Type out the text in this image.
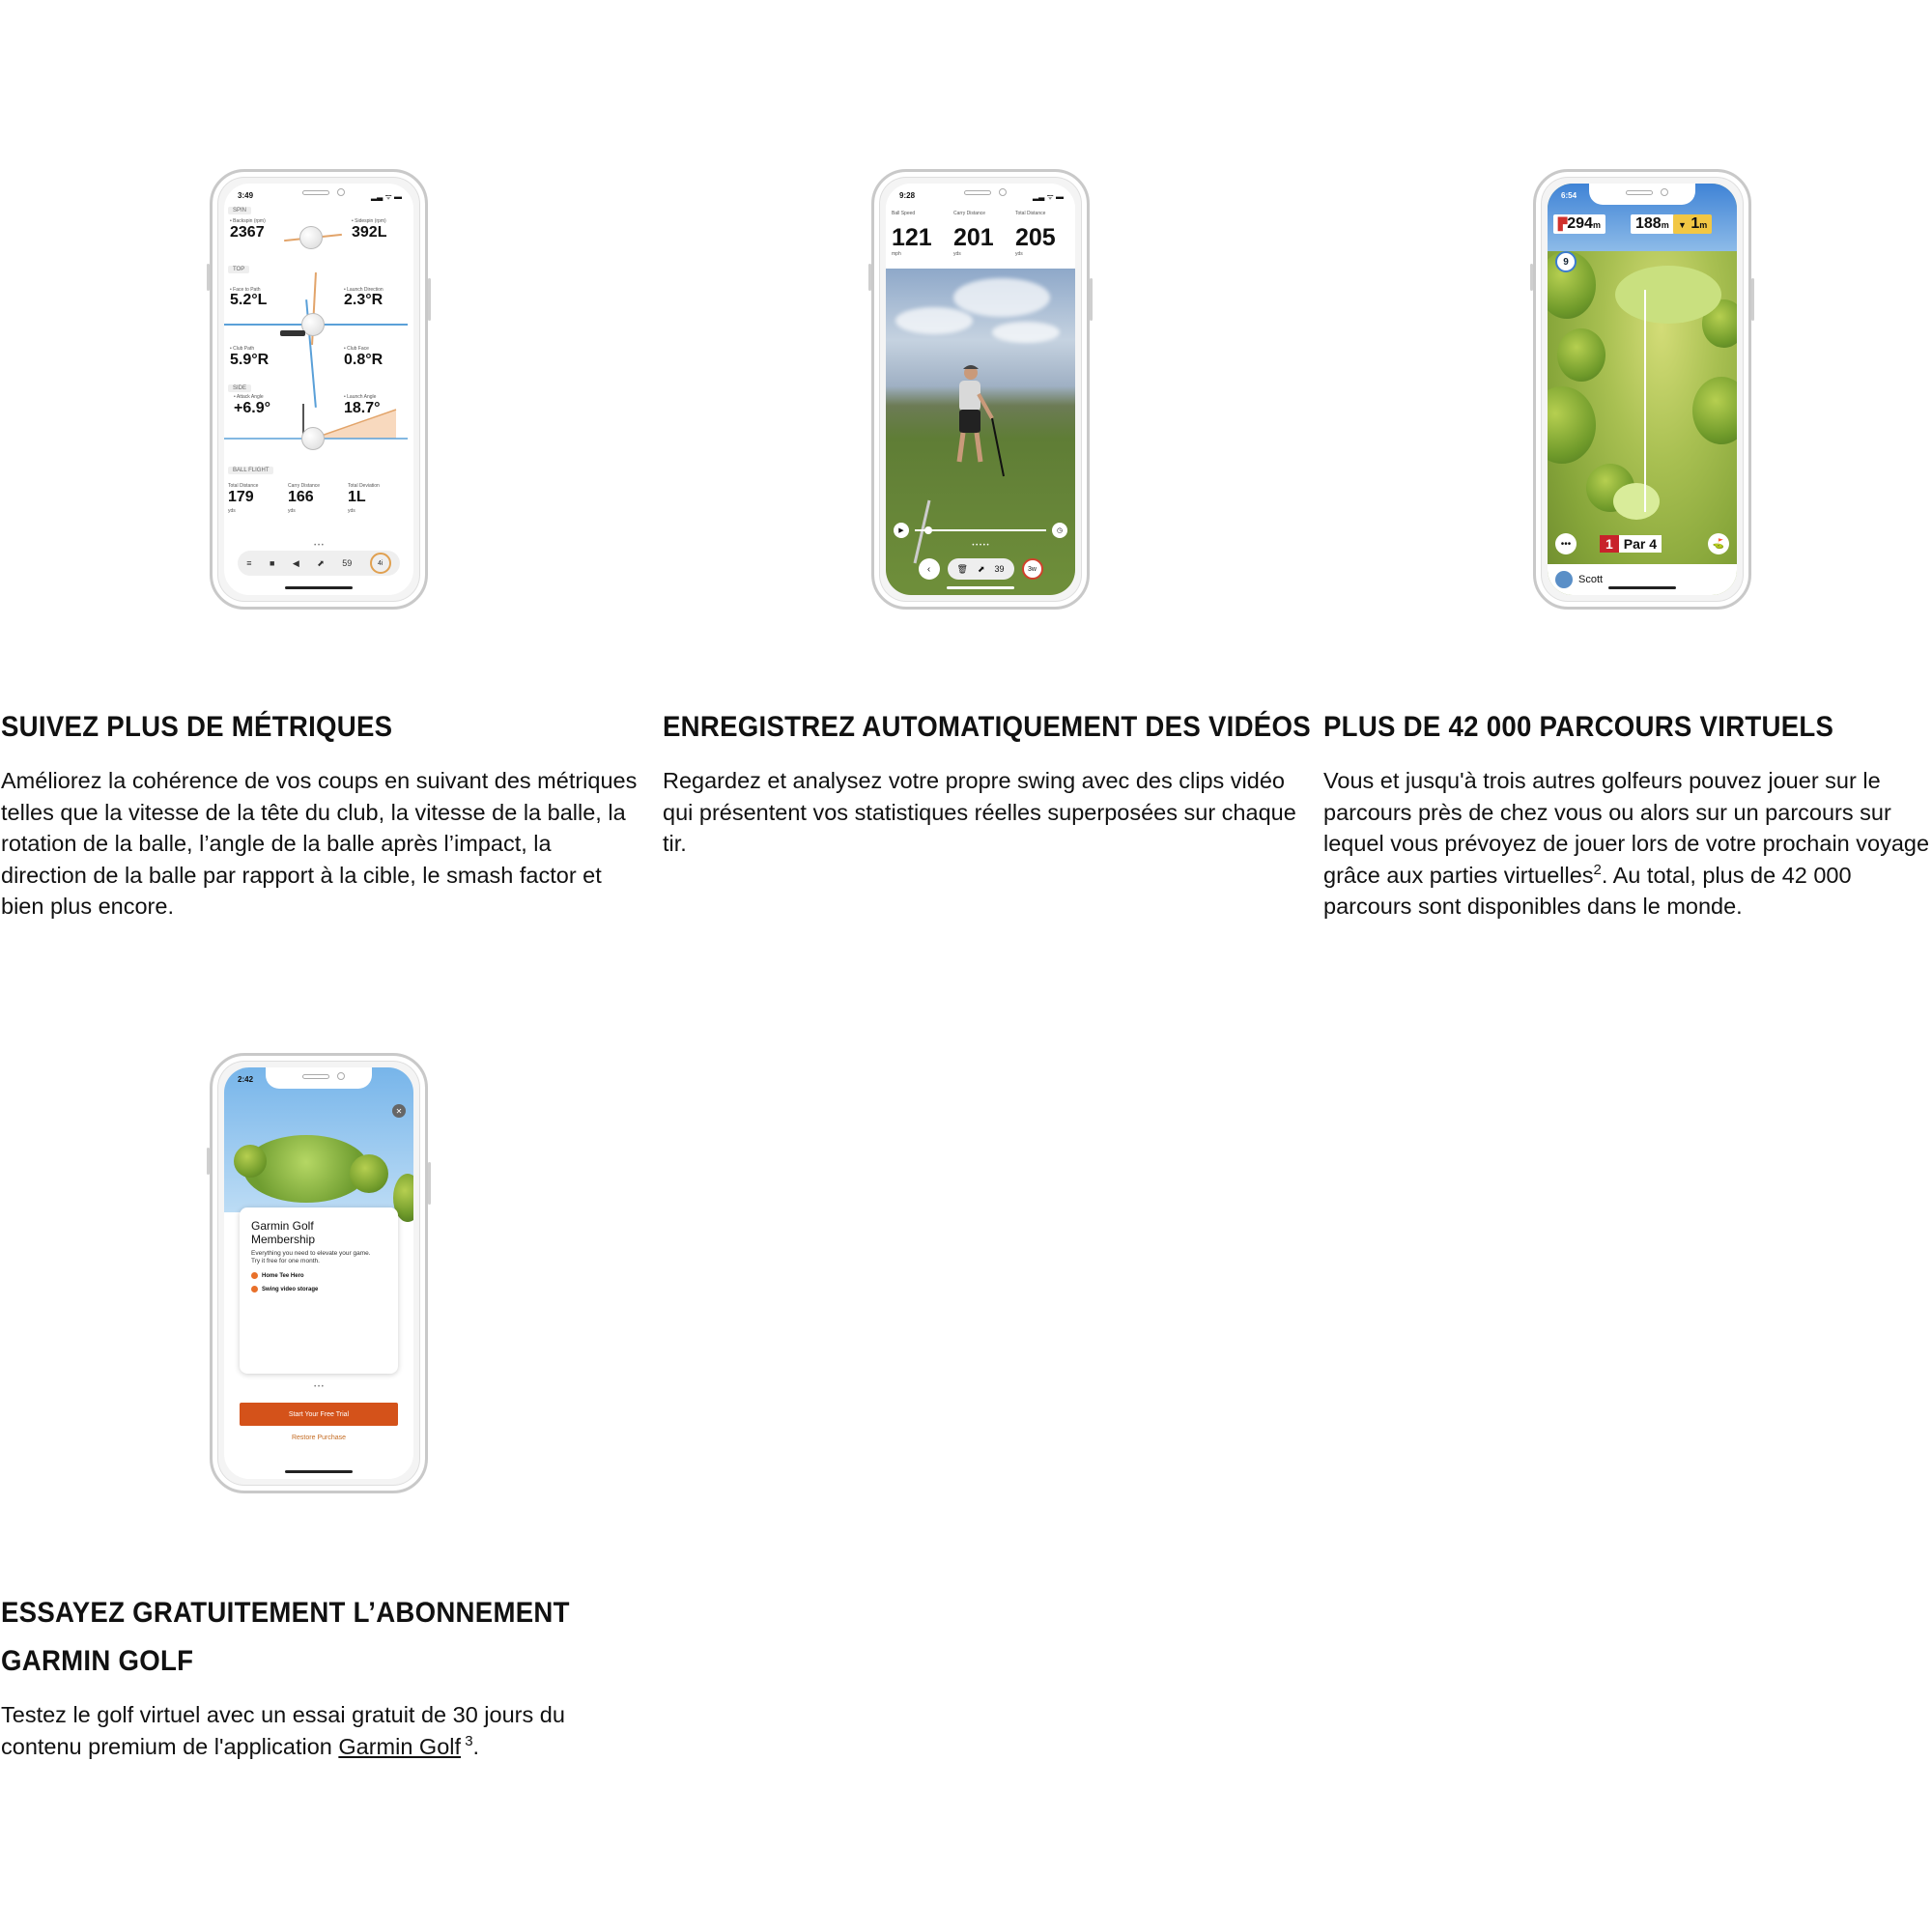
3:49	▂▃ ᯤ ▬
SPIN
• Backspin (rpm)
2367
• Sidespin (rpm)
392L
TOP
• Face to Path
5.2°L
• Launch Direction
2.3°R
• Club Path
5.9°R
• Club Face
0.8°R
SIDE
• Attack Angle
+6.9°
• Launch Angle
18.7°
BALL FLIGHT
Total Distance
179
yds
Carry Distance
166
yds
Total Deviation
1L
yds
• • •
≡ ■ ◀ ⬈ 59	4i
9:28	▂▃ ᯤ ▬
Ball Speed
121
mph
Carry Distance
201
yds
Total Distance
205
yds
▶	◷
• • • • •
‹	🗑 ⬈ 39	3w
6:54
▛294m	188m	▼ 1m
9
•••	1 Par 4	⛳
Scott
2:42
✕
Garmin Golf
Membership
Everything you need to elevate your game.
Try it free for one month.
Home Tee Hero
Swing video storage
• • •
Start Your Free Trial
Restore Purchase
SUIVEZ PLUS DE MÉTRIQUES

Améliorez la cohérence de vos coups en suivant des métriques telles que la vitesse de la tête du club, la vitesse de la balle, la rotation de la balle, l’angle de la balle après l’impact, la direction de la balle par rapport à la cible, le smash factor et bien plus encore.

ENREGISTREZ AUTOMATIQUEMENT DES VIDÉOS

Regardez et analysez votre propre swing avec des clips vidéo qui présentent vos statistiques réelles superposées sur chaque tir.

PLUS DE 42 000 PARCOURS VIRTUELS

Vous et jusqu'à trois autres golfeurs pouvez jouer sur le parcours près de chez vous ou alors sur un parcours sur lequel vous prévoyez de jouer lors de votre prochain voyage grâce aux parties virtuelles$^2$. Au total, plus de 42 000 parcours sont disponibles dans le monde.

ESSAYEZ GRATUITEMENT L’ABONNEMENT
GARMIN GOLF

Testez le golf virtuel avec un essai gratuit de 30 jours du contenu premium de l'application Garmin Golf $^3$.
